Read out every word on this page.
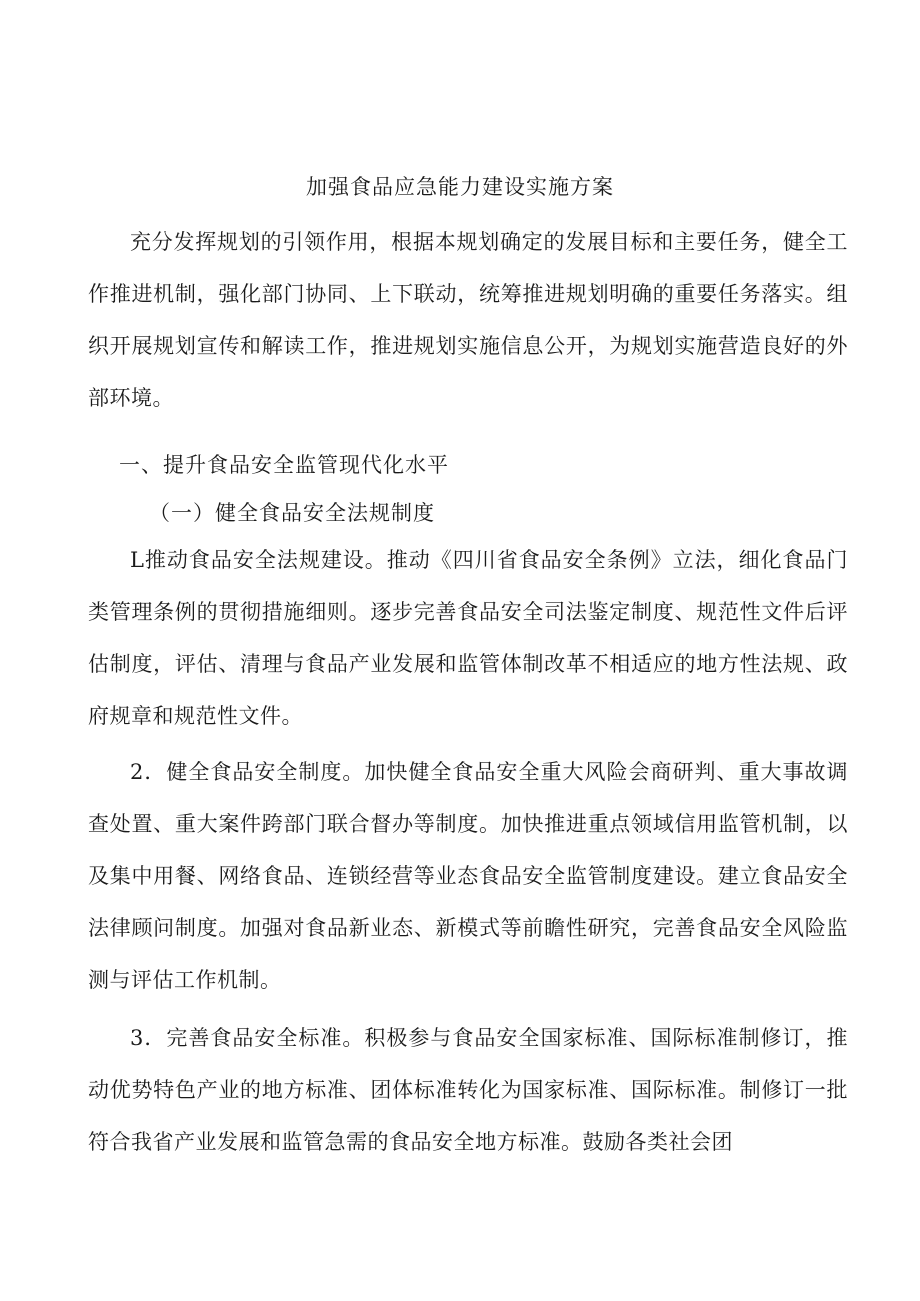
加强食品应急能力建设实施方案
充分发挥规划的引领作用，根据本规划确定的发展目标和主要任务，健全工作推进机制，强化部门协同、上下联动，统筹推进规划明确的重要任务落实。组织开展规划宣传和解读工作，推进规划实施信息公开，为规划实施营造良好的外部环境。
一、提升食品安全监管现代化水平
（一）健全食品安全法规制度
L推动食品安全法规建设。推动《四川省食品安全条例》立法，细化食品门类管理条例的贯彻措施细则。逐步完善食品安全司法鉴定制度、规范性文件后评估制度，评估、清理与食品产业发展和监管体制改革不相适应的地方性法规、政府规章和规范性文件。
2．健全食品安全制度。加快健全食品安全重大风险会商研判、重大事故调查处置、重大案件跨部门联合督办等制度。加快推进重点领域信用监管机制，以及集中用餐、网络食品、连锁经营等业态食品安全监管制度建设。建立食品安全法律顾问制度。加强对食品新业态、新模式等前瞻性研究，完善食品安全风险监测与评估工作机制。
3．完善食品安全标准。积极参与食品安全国家标准、国际标准制修订，推动优势特色产业的地方标准、团体标准转化为国家标准、国际标准。制修订一批符合我省产业发展和监管急需的食品安全地方标准。鼓励各类社会团
